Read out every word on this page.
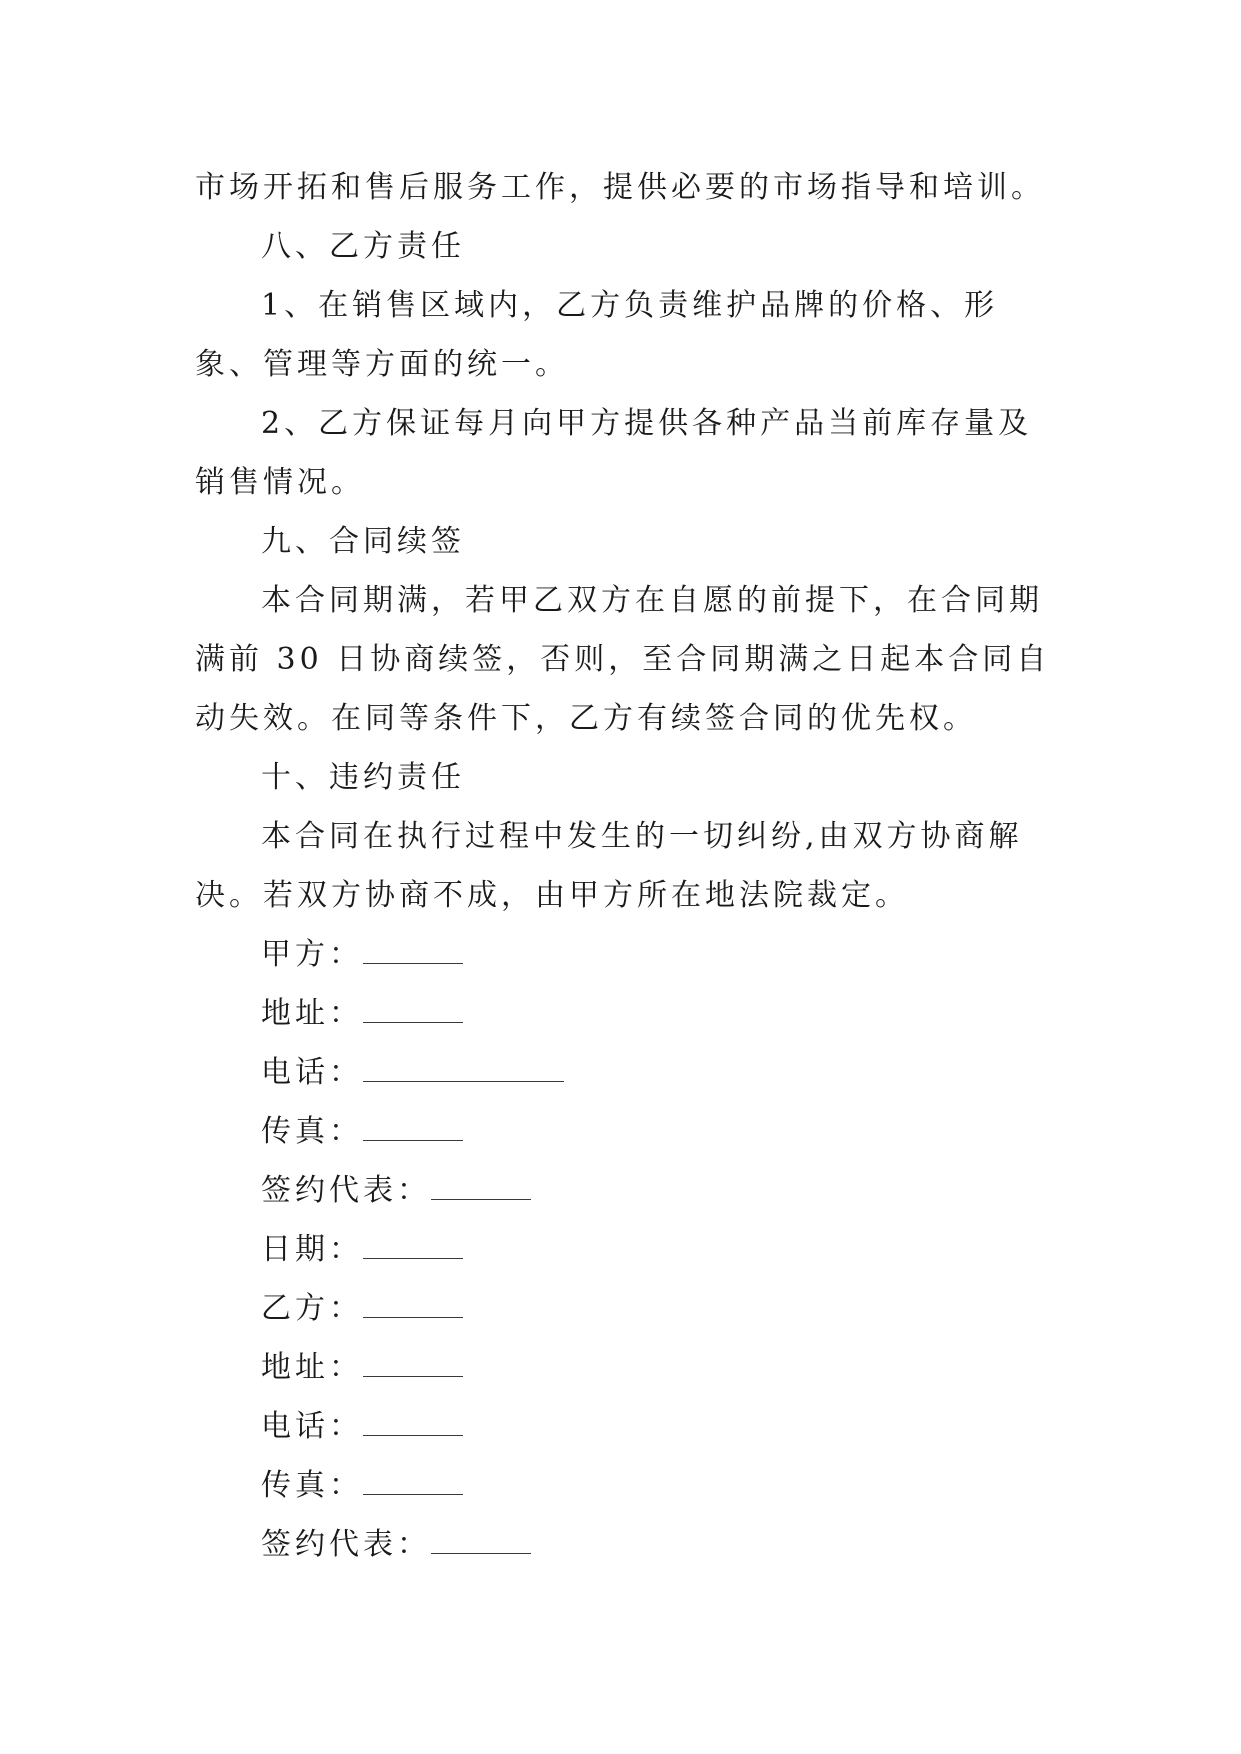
市场开拓和售后服务工作，提供必要的市场指导和培训。

八、乙方责任

1、在销售区域内，乙方负责维护品牌的价格、形象、管理等方面的统一。

2、乙方保证每月向甲方提供各种产品当前库存量及销售情况。

九、合同续签

本合同期满，若甲乙双方在自愿的前提下，在合同期满前 30 日协商续签，否则，至合同期满之日起本合同自动失效。在同等条件下，乙方有续签合同的优先权。

十、违约责任

本合同在执行过程中发生的一切纠纷,由双方协商解决。若双方协商不成，由甲方所在地法院裁定。

甲方：
地址：
电话：
传真：
签约代表：
日期：
乙方：
地址：
电话：
传真：
签约代表：
